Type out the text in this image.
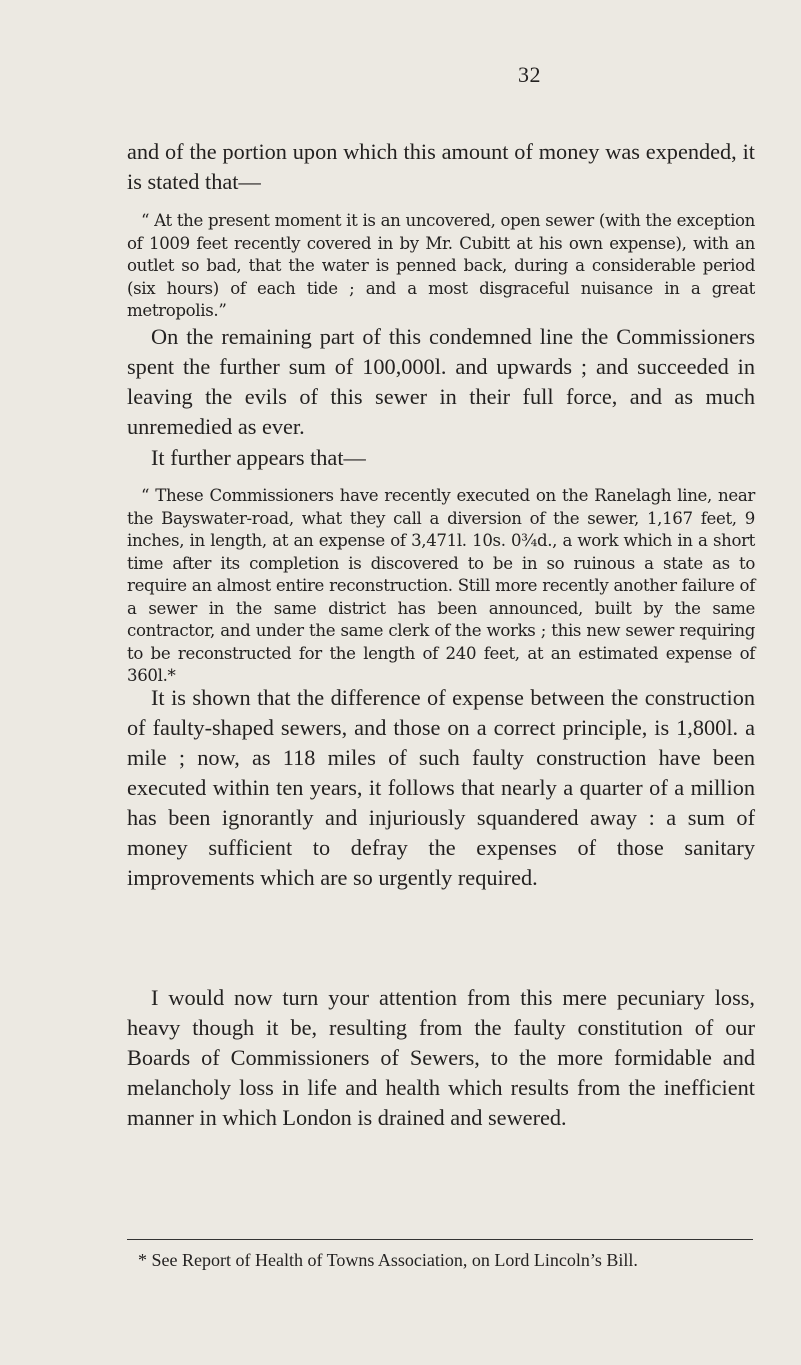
32

and of the portion upon which this amount of money was expended, it is stated that—

“ At the present moment it is an uncovered, open sewer (with the exception of 1009 feet recently covered in by Mr. Cubitt at his own expense), with an outlet so bad, that the water is penned back, during a considerable period (six hours) of each tide ; and a most disgraceful nuisance in a great metropolis.”

On the remaining part of this condemned line the Commissioners spent the further sum of 100,000l. and upwards ; and succeeded in leaving the evils of this sewer in their full force, and as much unremedied as ever.

It further appears that—

“ These Commissioners have recently executed on the Ranelagh line, near the Bayswater-road, what they call a diversion of the sewer, 1,167 feet, 9 inches, in length, at an expense of 3,471l. 10s. 0¾d., a work which in a short time after its completion is discovered to be in so ruinous a state as to require an almost entire reconstruction. Still more recently another failure of a sewer in the same district has been announced, built by the same contractor, and under the same clerk of the works ; this new sewer requiring to be reconstructed for the length of 240 feet, at an estimated expense of 360l.*

It is shown that the difference of expense between the construction of faulty-shaped sewers, and those on a correct principle, is 1,800l. a mile ; now, as 118 miles of such faulty construction have been executed within ten years, it follows that nearly a quarter of a million has been ignorantly and injuriously squandered away : a sum of money sufficient to defray the expenses of those sanitary improvements which are so urgently required.

I would now turn your attention from this mere pecuniary loss, heavy though it be, resulting from the faulty constitution of our Boards of Commissioners of Sewers, to the more formidable and melancholy loss in life and health which results from the inefficient manner in which London is drained and sewered.

* See Report of Health of Towns Association, on Lord Lincoln’s Bill.
